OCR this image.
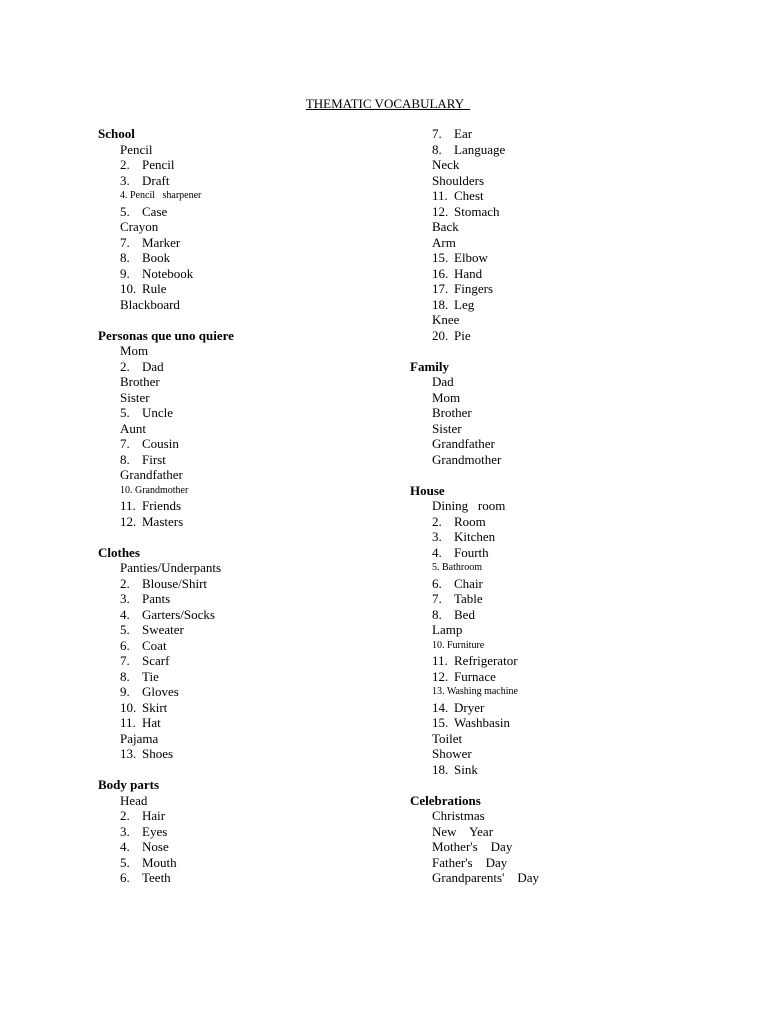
THEMATIC VOCABULARY
School
Pencil
2. Pencil
3. Draft
4. Pencil   sharpener
5. Case
Crayon
7. Marker
8. Book
9. Notebook
10. Rule
Blackboard
Personas que uno quiere
Mom
2. Dad
Brother
Sister
5. Uncle
Aunt
7. Cousin
8. First
Grandfather
10. Grandmother
11. Friends
12. Masters
Clothes
Panties/Underpants
2. Blouse/Shirt
3. Pants
4. Garters/Socks
5. Sweater
6. Coat
7. Scarf
8. Tie
9. Gloves
10. Skirt
11. Hat
Pajama
13. Shoes
Body parts
Head
2. Hair
3. Eyes
4. Nose
5. Mouth
6. Teeth
7. Ear
8. Language
Neck
Shoulders
11. Chest
12. Stomach
Back
Arm
15. Elbow
16. Hand
17. Fingers
18. Leg
Knee
20. Pie
Family
Dad
Mom
Brother
Sister
Grandfather
Grandmother
House
Dining   room
2. Room
3. Kitchen
4. Fourth
5. Bathroom
6. Chair
7. Table
8. Bed
Lamp
10. Furniture
11. Refrigerator
12. Furnace
13. Washing machine
14. Dryer
15. Washbasin
Toilet
Shower
18. Sink
Celebrations
Christmas
New    Year
Mother's    Day
Father's    Day
Grandparents'    Day
